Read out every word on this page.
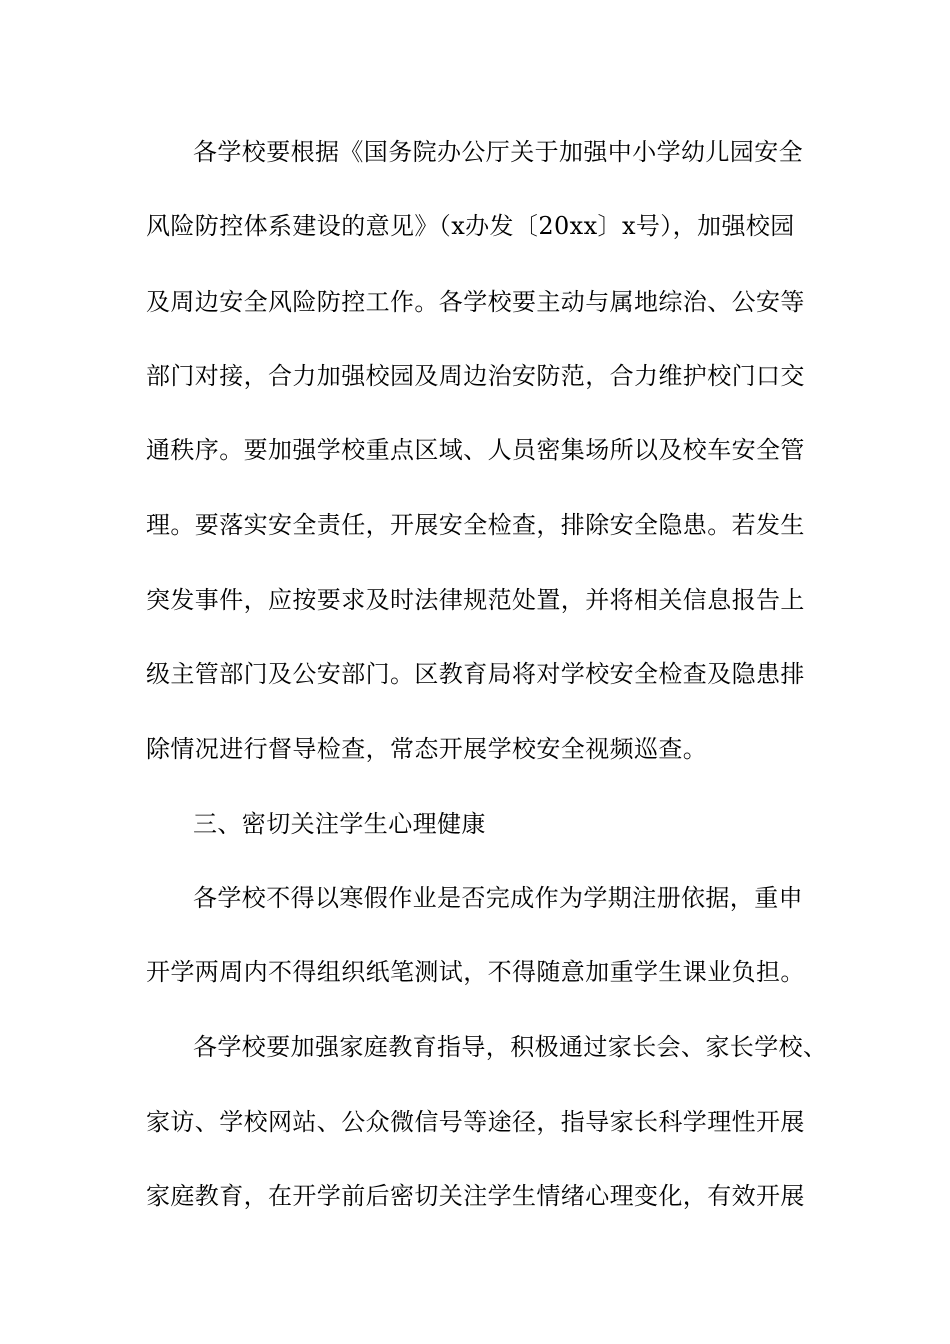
各学校要根据《国务院办公厅关于加强中小学幼儿园安全
风险防控体系建设的意见》（x办发〔20xx〕x号），加强校园
及周边安全风险防控工作。各学校要主动与属地综治、公安等
部门对接，合力加强校园及周边治安防范，合力维护校门口交
通秩序。要加强学校重点区域、人员密集场所以及校车安全管
理。要落实安全责任，开展安全检查，排除安全隐患。若发生
突发事件，应按要求及时法律规范处置，并将相关信息报告上
级主管部门及公安部门。区教育局将对学校安全检查及隐患排
除情况进行督导检查，常态开展学校安全视频巡查。
三、密切关注学生心理健康
各学校不得以寒假作业是否完成作为学期注册依据，重申
开学两周内不得组织纸笔测试，不得随意加重学生课业负担。
各学校要加强家庭教育指导，积极通过家长会、家长学校、
家访、学校网站、公众微信号等途径，指导家长科学理性开展
家庭教育，在开学前后密切关注学生情绪心理变化，有效开展
